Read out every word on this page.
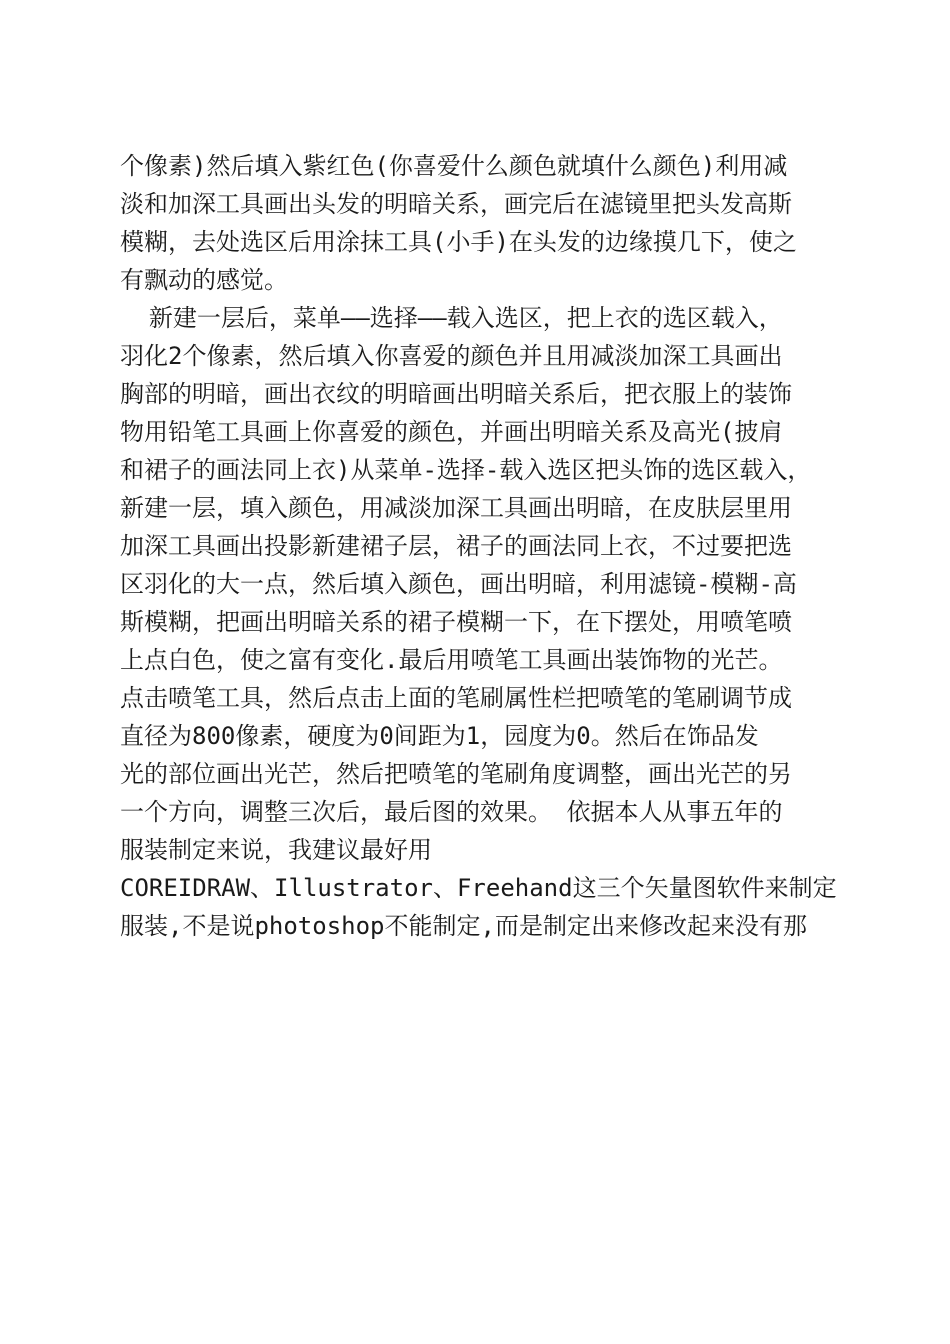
个像素)然后填入紫红色(你喜爱什么颜色就填什么颜色)利用减
淡和加深工具画出头发的明暗关系，画完后在滤镜里把头发高斯
模糊，去处选区后用涂抹工具(小手)在头发的边缘摸几下，使之
有飘动的感觉。
新建一层后，菜单——选择——载入选区，把上衣的选区载入，
羽化2个像素，然后填入你喜爱的颜色并且用减淡加深工具画出
胸部的明暗，画出衣纹的明暗画出明暗关系后，把衣服上的装饰
物用铅笔工具画上你喜爱的颜色，并画出明暗关系及高光(披肩
和裙子的画法同上衣)从菜单-选择-载入选区把头饰的选区载入，
新建一层，填入颜色，用减淡加深工具画出明暗，在皮肤层里用
加深工具画出投影新建裙子层，裙子的画法同上衣，不过要把选
区羽化的大一点，然后填入颜色，画出明暗，利用滤镜-模糊-高
斯模糊，把画出明暗关系的裙子模糊一下，在下摆处，用喷笔喷
上点白色，使之富有变化.最后用喷笔工具画出装饰物的光芒。
点击喷笔工具，然后点击上面的笔刷属性栏把喷笔的笔刷调节成
直径为800像素，硬度为0间距为1，园度为0。然后在饰品发
光的部位画出光芒，然后把喷笔的笔刷角度调整，画出光芒的另
一个方向，调整三次后，最后图的效果。 依据本人从事五年的
服装制定来说，我建议最好用
COREIDRAW、Illustrator、Freehand这三个矢量图软件来制定
服装,不是说photoshop不能制定,而是制定出来修改起来没有那
